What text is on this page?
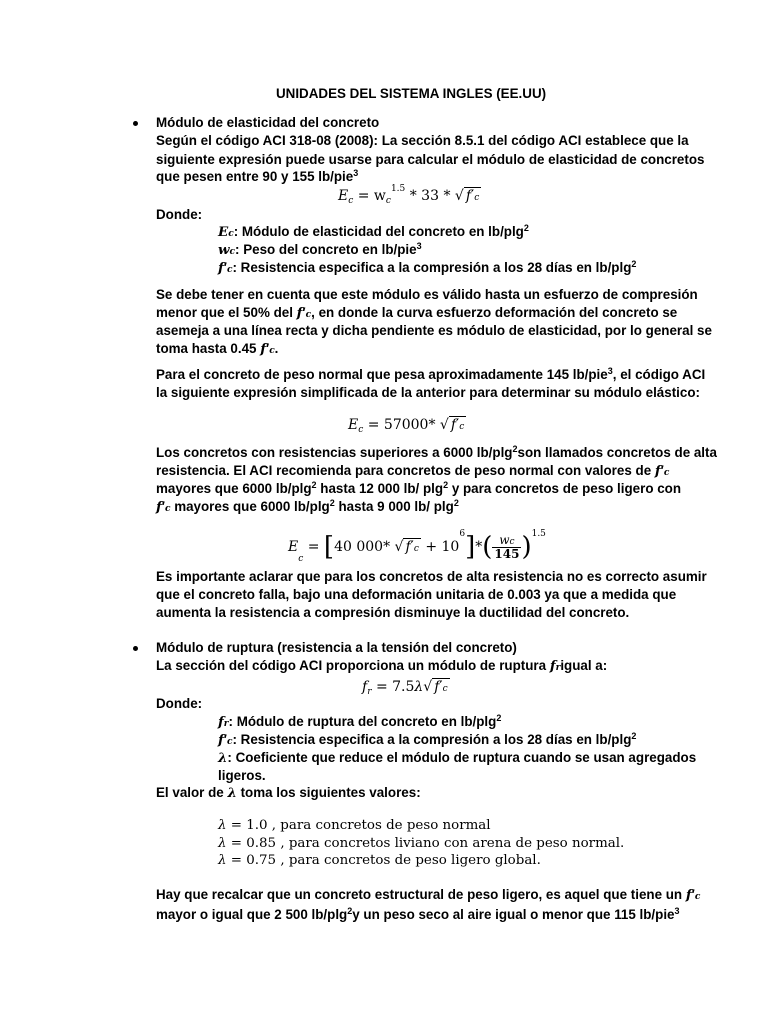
UNIDADES DEL SISTEMA INGLES (EE.UU)
Módulo de elasticidad del concreto
Según el código ACI 318-08 (2008): La sección 8.5.1 del código ACI establece que la
siguiente expresión puede usarse para calcular el módulo de elasticidad de concretos
que pesen entre 90 y 155 lb/pie$^3$
$E_c = w_c^{1.5} * 33$ * √ $f'_c$
Donde:
$E_c$: Módulo de elasticidad del concreto en lb/plg$^2$
$w_c$: Peso del concreto en lb/pie$^3$
$f'_c$: Resistencia especifica a la compresión a los 28 días en lb/plg$^2$
Se debe tener en cuenta que este módulo es válido hasta un esfuerzo de compresión
menor que el 50% del $f'_c$, en donde la curva esfuerzo deformación del concreto se
asemeja a una línea recta y dicha pendiente es módulo de elasticidad, por lo general se
toma hasta 0.45 $f'_c$.
Para el concreto de peso normal que pesa aproximadamente 145 lb/pie$^3$, el código ACI
la siguiente expresión simplificada de la anterior para determinar su módulo elástico:
$E_c = 57000*$ √ $f'_c$
Los concretos con resistencias superiores a 6000 lb/plg$^2$son llamados concretos de alta
resistencia. El ACI recomienda para concretos de peso normal con valores de $f'_c$
mayores que 6000 lb/plg$^2$ hasta 12 000 lb/ plg$^2$ y para concretos de peso ligero con
$f'_c$ mayores que 6000 lb/plg$^2$ hasta 9 000 lb/ plg$^2$
$E_c = [40$ 000* √ $f'_c + 10^6]*( \frac{w_c}{145} )^{1.5}$
Es importante aclarar que para los concretos de alta resistencia no es correcto asumir
que el concreto falla, bajo una deformación unitaria de 0.003 ya que a medida que
aumenta la resistencia a compresión disminuye la ductilidad del concreto.
Módulo de ruptura (resistencia a la tensión del concreto)
La sección del código ACI proporciona un módulo de ruptura $f_rigual$ a:
$f_r = 7.5\lambda√$ $f'_c$
Donde:
$f_r$: Módulo de ruptura del concreto en lb/plg$^2$
$f'_c$: Resistencia especifica a la compresión a los 28 días en lb/plg$^2$
λ: Coeficiente que reduce el módulo de ruptura cuando se usan agregados
ligeros.
El valor de λ toma los siguientes valores:
λ = 1.0 , para concretos de peso normal
λ = 0.85 , para concretos liviano con arena de peso normal.
λ = 0.75 , para concretos de peso ligero global.
Hay que recalcar que un concreto estructural de peso ligero, es aquel que tiene un $f'_c$
mayor o igual que 2 500 lb/plg$^2$y un peso seco al aire igual o menor que 115 lb/pie$^3$
